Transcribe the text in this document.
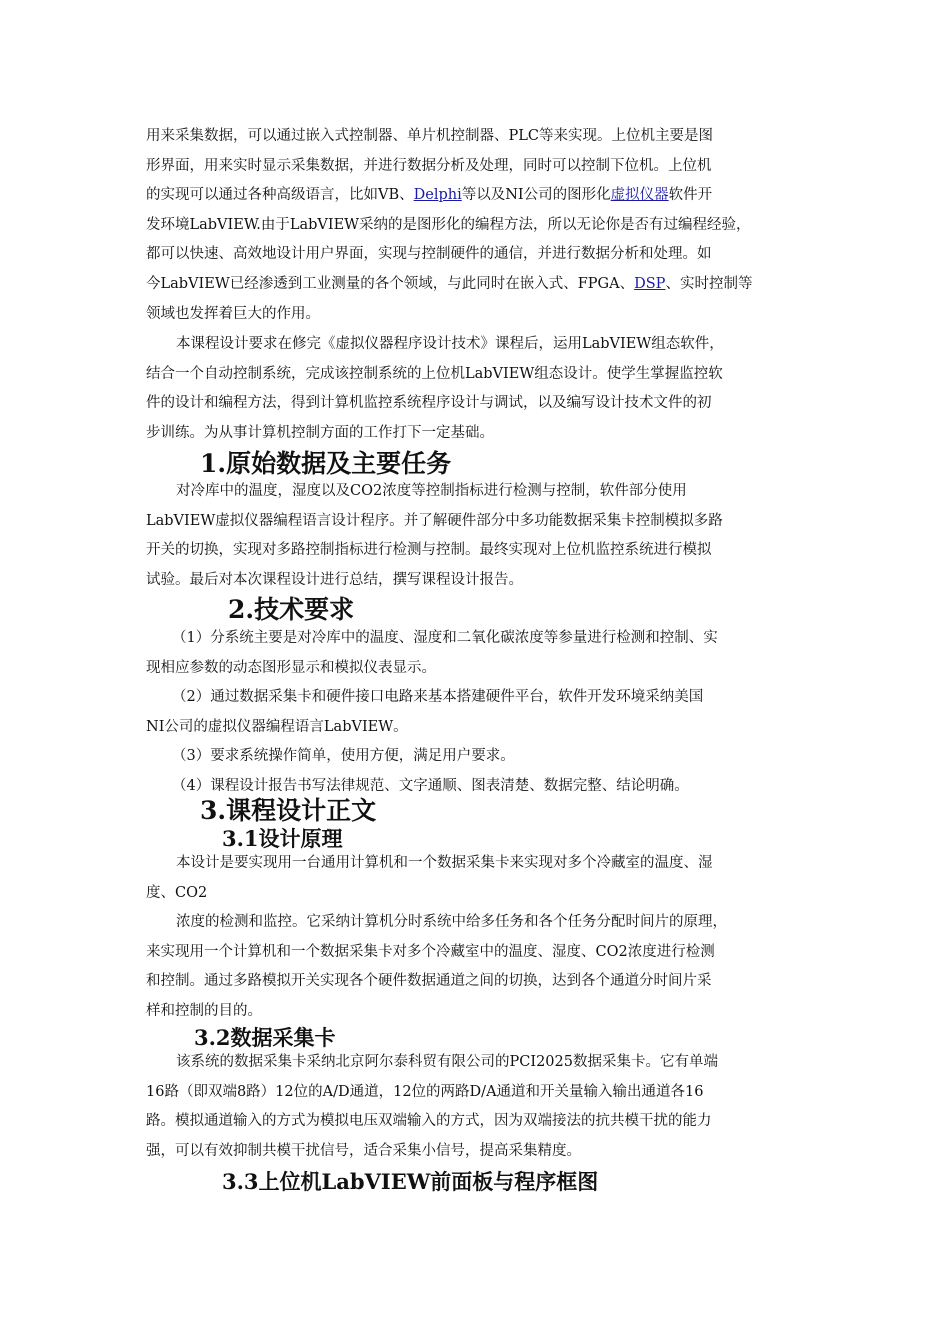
用来采集数据，可以通过嵌入式控制器、单片机控制器、PLC等来实现。上位机主要是图
形界面，用来实时显示采集数据，并进行数据分析及处理，同时可以控制下位机。上位机
的实现可以通过各种高级语言，比如VB、Delphi等以及NI公司的图形化虚拟仪器软件开
发环境LabVIEW.由于LabVIEW采纳的是图形化的编程方法，所以无论你是否有过编程经验，
都可以快速、高效地设计用户界面，实现与控制硬件的通信，并进行数据分析和处理。如
今LabVIEW已经渗透到工业测量的各个领域，与此同时在嵌入式、FPGA、DSP、实时控制等
领域也发挥着巨大的作用。
本课程设计要求在修完《虚拟仪器程序设计技术》课程后，运用LabVIEW组态软件，
结合一个自动控制系统，完成该控制系统的上位机LabVIEW组态设计。使学生掌握监控软
件的设计和编程方法，得到计算机监控系统程序设计与调试，以及编写设计技术文件的初
步训练。为从事计算机控制方面的工作打下一定基础。
1.原始数据及主要任务
对冷库中的温度，湿度以及CO2浓度等控制指标进行检测与控制，软件部分使用
LabVIEW虚拟仪器编程语言设计程序。并了解硬件部分中多功能数据采集卡控制模拟多路
开关的切换，实现对多路控制指标进行检测与控制。最终实现对上位机监控系统进行模拟
试验。最后对本次课程设计进行总结，撰写课程设计报告。
2.技术要求
（1）分系统主要是对冷库中的温度、湿度和二氧化碳浓度等参量进行检测和控制、实
现相应参数的动态图形显示和模拟仪表显示。
（2）通过数据采集卡和硬件接口电路来基本搭建硬件平台，软件开发环境采纳美国
NI公司的虚拟仪器编程语言LabVIEW。
（3）要求系统操作简单，使用方便，满足用户要求。
（4）课程设计报告书写法律规范、文字通顺、图表清楚、数据完整、结论明确。
3.课程设计正文
3.1设计原理
本设计是要实现用一台通用计算机和一个数据采集卡来实现对多个冷藏室的温度、湿
度、CO2
浓度的检测和监控。它采纳计算机分时系统中给多任务和各个任务分配时间片的原理，
来实现用一个计算机和一个数据采集卡对多个冷藏室中的温度、湿度、CO2浓度进行检测
和控制。通过多路模拟开关实现各个硬件数据通道之间的切换，达到各个通道分时间片采
样和控制的目的。
3.2数据采集卡
该系统的数据采集卡采纳北京阿尔泰科贸有限公司的PCI2025数据采集卡。它有单端
16路（即双端8路）12位的A/D通道，12位的两路D/A通道和开关量输入输出通道各16
路。模拟通道输入的方式为模拟电压双端输入的方式，因为双端接法的抗共模干扰的能力
强，可以有效抑制共模干扰信号，适合采集小信号，提高采集精度。
3.3上位机LabVIEW前面板与程序框图
